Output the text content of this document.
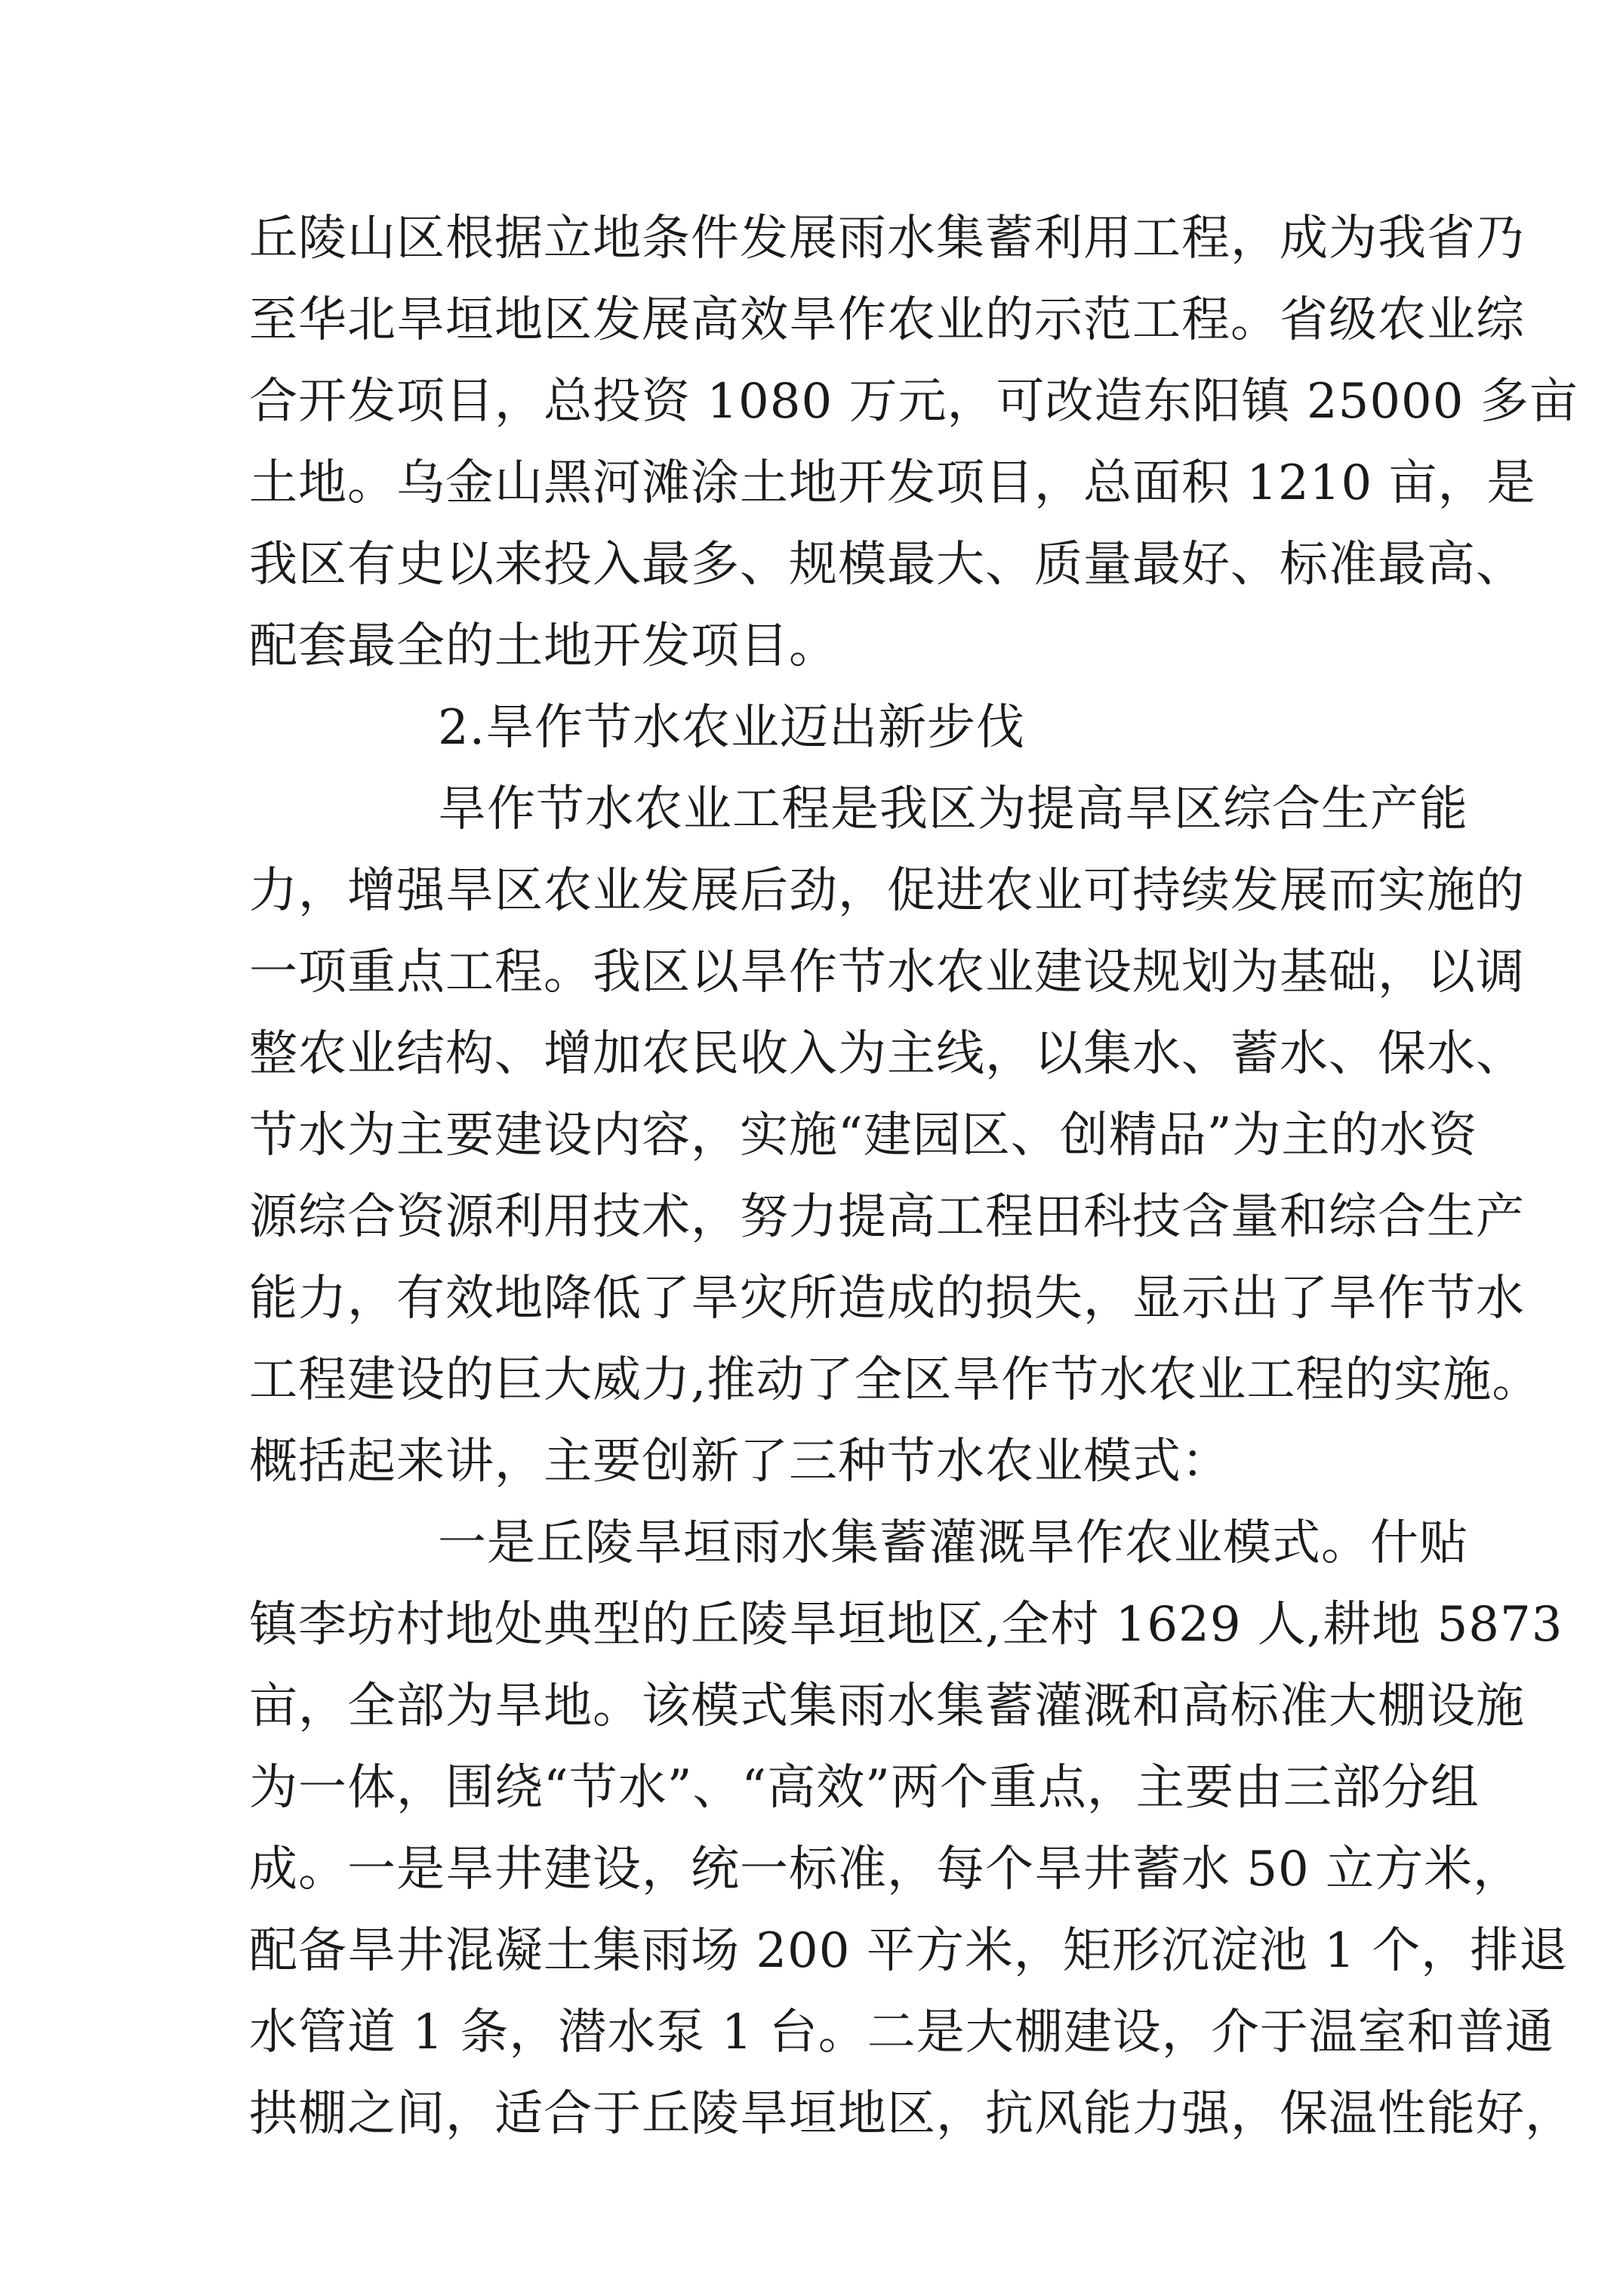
丘陵山区根据立地条件发展雨水集蓄利用工程，成为我省乃
至华北旱垣地区发展高效旱作农业的示范工程。省级农业综
合开发项目，总投资 1080 万元，可改造东阳镇 25000 多亩
土地。乌金山黑河滩涂土地开发项目，总面积 1210 亩，是
我区有史以来投入最多、规模最大、质量最好、标准最高、
配套最全的土地开发项目。
2.旱作节水农业迈出新步伐
旱作节水农业工程是我区为提高旱区综合生产能
力，增强旱区农业发展后劲，促进农业可持续发展而实施的
一项重点工程。我区以旱作节水农业建设规划为基础，以调
整农业结构、增加农民收入为主线，以集水、蓄水、保水、
节水为主要建设内容，实施“建园区、创精品”为主的水资
源综合资源利用技术，努力提高工程田科技含量和综合生产
能力，有效地降低了旱灾所造成的损失，显示出了旱作节水
工程建设的巨大威力,推动了全区旱作节水农业工程的实施。
概括起来讲，主要创新了三种节水农业模式：
一是丘陵旱垣雨水集蓄灌溉旱作农业模式。什贴
镇李坊村地处典型的丘陵旱垣地区,全村 1629 人,耕地 5873
亩，全部为旱地。该模式集雨水集蓄灌溉和高标准大棚设施
为一体，围绕“节水”、“高效”两个重点，主要由三部分组
成。一是旱井建设，统一标准，每个旱井蓄水 50 立方米，
配备旱井混凝土集雨场 200 平方米，矩形沉淀池 1 个，排退
水管道 1 条，潜水泵 1 台。二是大棚建设，介于温室和普通
拱棚之间，适合于丘陵旱垣地区，抗风能力强，保温性能好，
